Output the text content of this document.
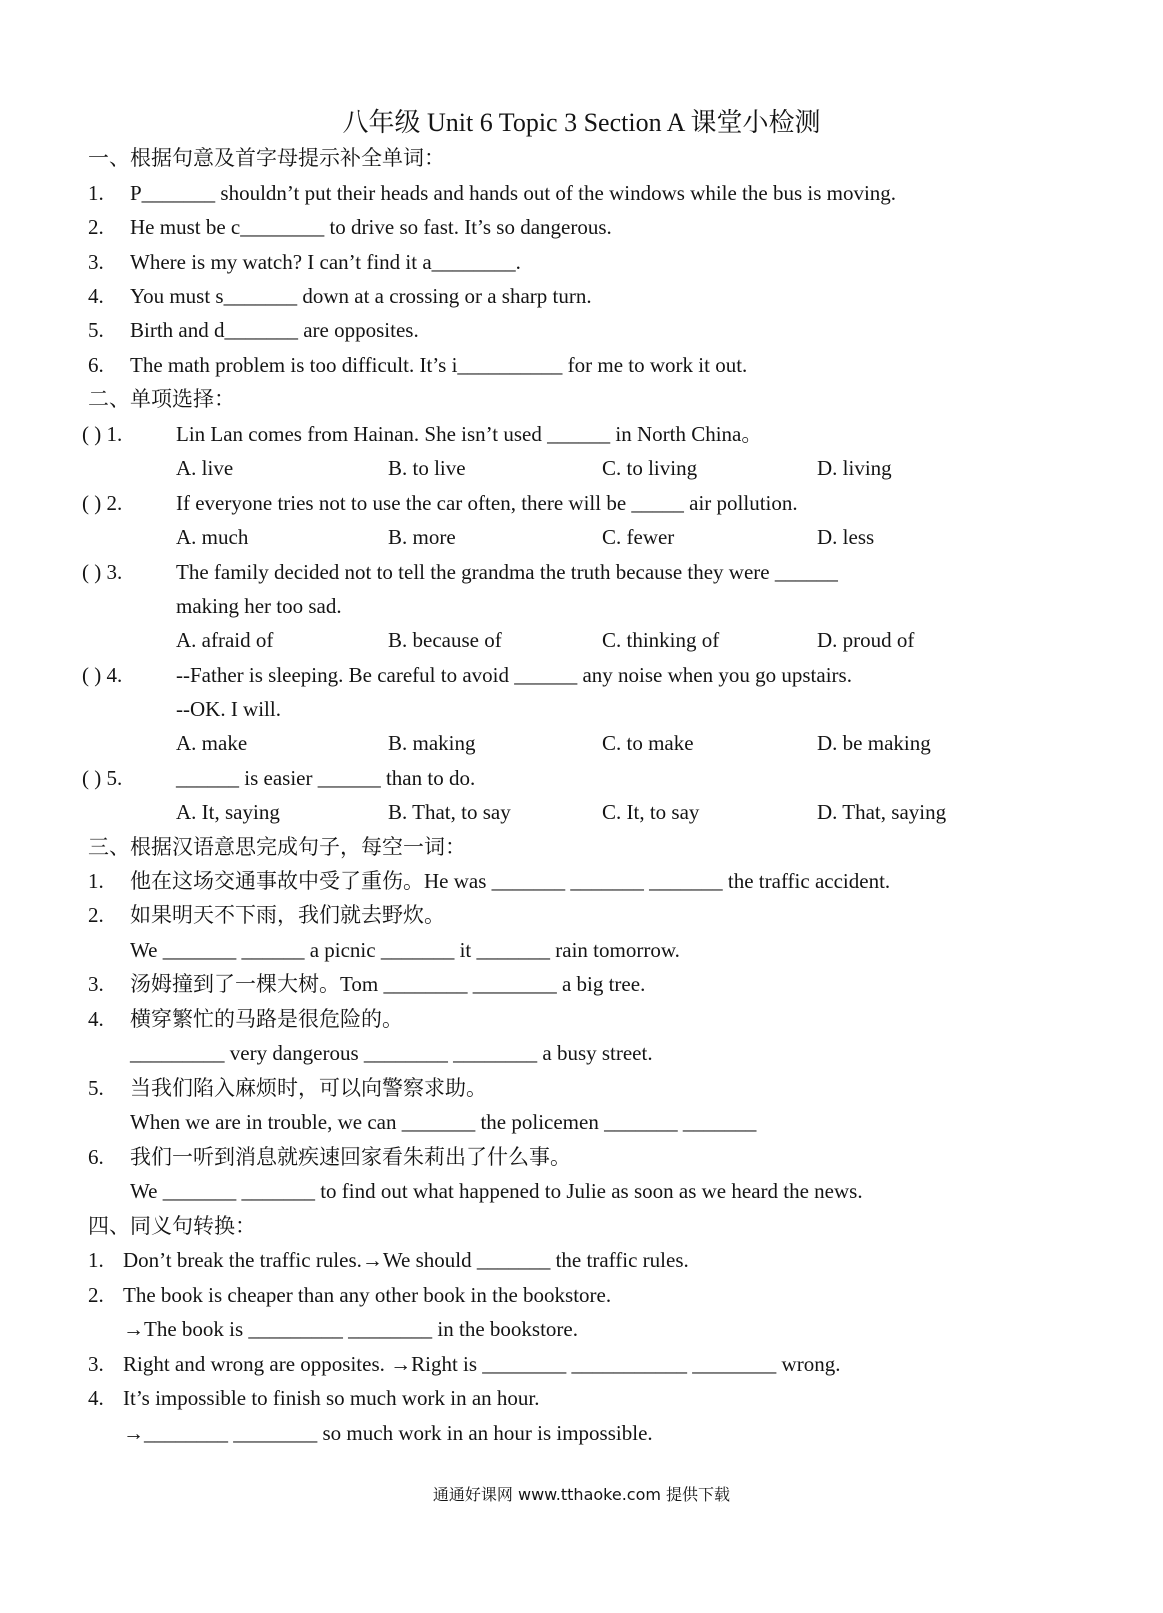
八年级 Unit 6 Topic 3 Section A 课堂小检测
一、根据句意及首字母提示补全单词：
1. P_______ shouldn’t put their heads and hands out of the windows while the bus is moving.
2. He must be c________ to drive so fast. It’s so dangerous.
3. Where is my watch? I can’t find it a________.
4. You must s_______ down at a crossing or a sharp turn.
5. Birth and d_______ are opposites.
6. The math problem is too difficult. It’s i__________ for me to work it out.
二、单项选择：
( ) 1.	Lin Lan comes from Hainan. She isn’t used ______ in North China。
A. live	B. to live	C. to living	D. living
( ) 2.	If everyone tries not to use the car often, there will be _____ air pollution.
A. much	B. more	C. fewer	D. less
( ) 3.	The family decided not to tell the grandma the truth because they were ______
making her too sad.
A. afraid of	B. because of	C. thinking of	D. proud of
( ) 4.	--Father is sleeping. Be careful to avoid ______ any noise when you go upstairs.
--OK. I will.
A. make	B. making	C. to make	D. be making
( ) 5.	______ is easier ______ than to do.
A. It, saying	B. That, to say	C. It, to say	D. That, saying
三、根据汉语意思完成句子，每空一词：
1. 他在这场交通事故中受了重伤。He was _______ _______ _______ the traffic accident.
2. 如果明天不下雨，我们就去野炊。
We _______ ______ a picnic _______ it _______ rain tomorrow.
3. 汤姆撞到了一棵大树。Tom ________ ________ a big tree.
4. 横穿繁忙的马路是很危险的。
_________ very dangerous ________ ________ a busy street.
5. 当我们陷入麻烦时，可以向警察求助。
When we are in trouble, we can _______ the policemen _______ _______
6. 我们一听到消息就疾速回家看朱莉出了什么事。
We _______ _______ to find out what happened to Julie as soon as we heard the news.
四、同义句转换：
1. Don’t break the traffic rules.→We should _______ the traffic rules.
2. The book is cheaper than any other book in the bookstore.
→The book is _________ ________ in the bookstore.
3. Right and wrong are opposites. →Right is ________ ___________ ________ wrong.
4. It’s impossible to finish so much work in an hour.
→________ ________ so much work in an hour is impossible.
通通好课网 www.tthaoke.com 提供下载
